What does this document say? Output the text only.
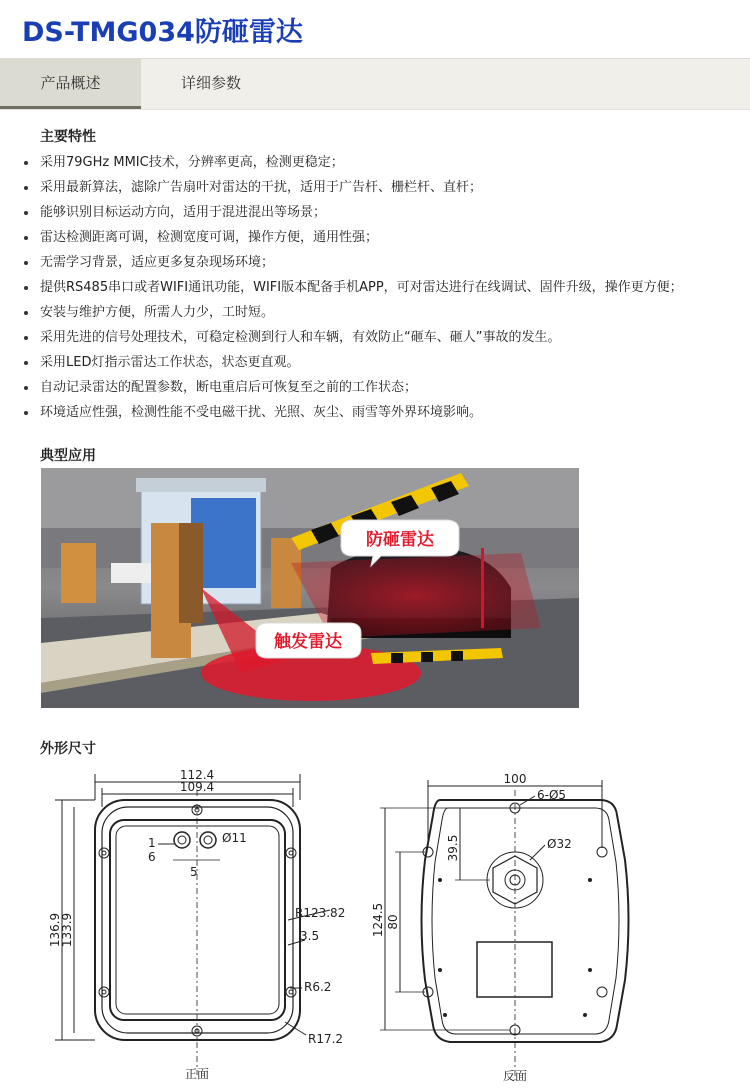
DS-TMG034防砸雷达
产品概述	详细参数
主要特性
采用79GHz MMIC技术，分辨率更高，检测更稳定；
采用最新算法，滤除广告扇叶对雷达的干扰，适用于广告杆、栅栏杆、直杆；
能够识别目标运动方向，适用于混进混出等场景；
雷达检测距离可调，检测宽度可调，操作方便，通用性强；
无需学习背景，适应更多复杂现场环境；
提供RS485串口或者WIFI通讯功能，WIFI版本配备手机APP，可对雷达进行在线调试、固件升级，操作更方便；
安装与维护方便，所需人力少，工时短。
采用先进的信号处理技术，可稳定检测到行人和车辆，有效防止“砸车、砸人”事故的发生。
采用LED灯指示雷达工作状态，状态更直观。
自动记录雷达的配置参数，断电重启后可恢复至之前的工作状态；
环境适应性强，检测性能不受电磁干扰、光照、灰尘、雨雪等外界环境影响。
典型应用
防砸雷达
触发雷达
外形尺寸
112.4
109.4
136.9
133.9
Ø11
1
6
5
R123.82
3.5
R6.2
R17.2
正面
100
6-Ø5
Ø32
39.5
124.5 80
反面
